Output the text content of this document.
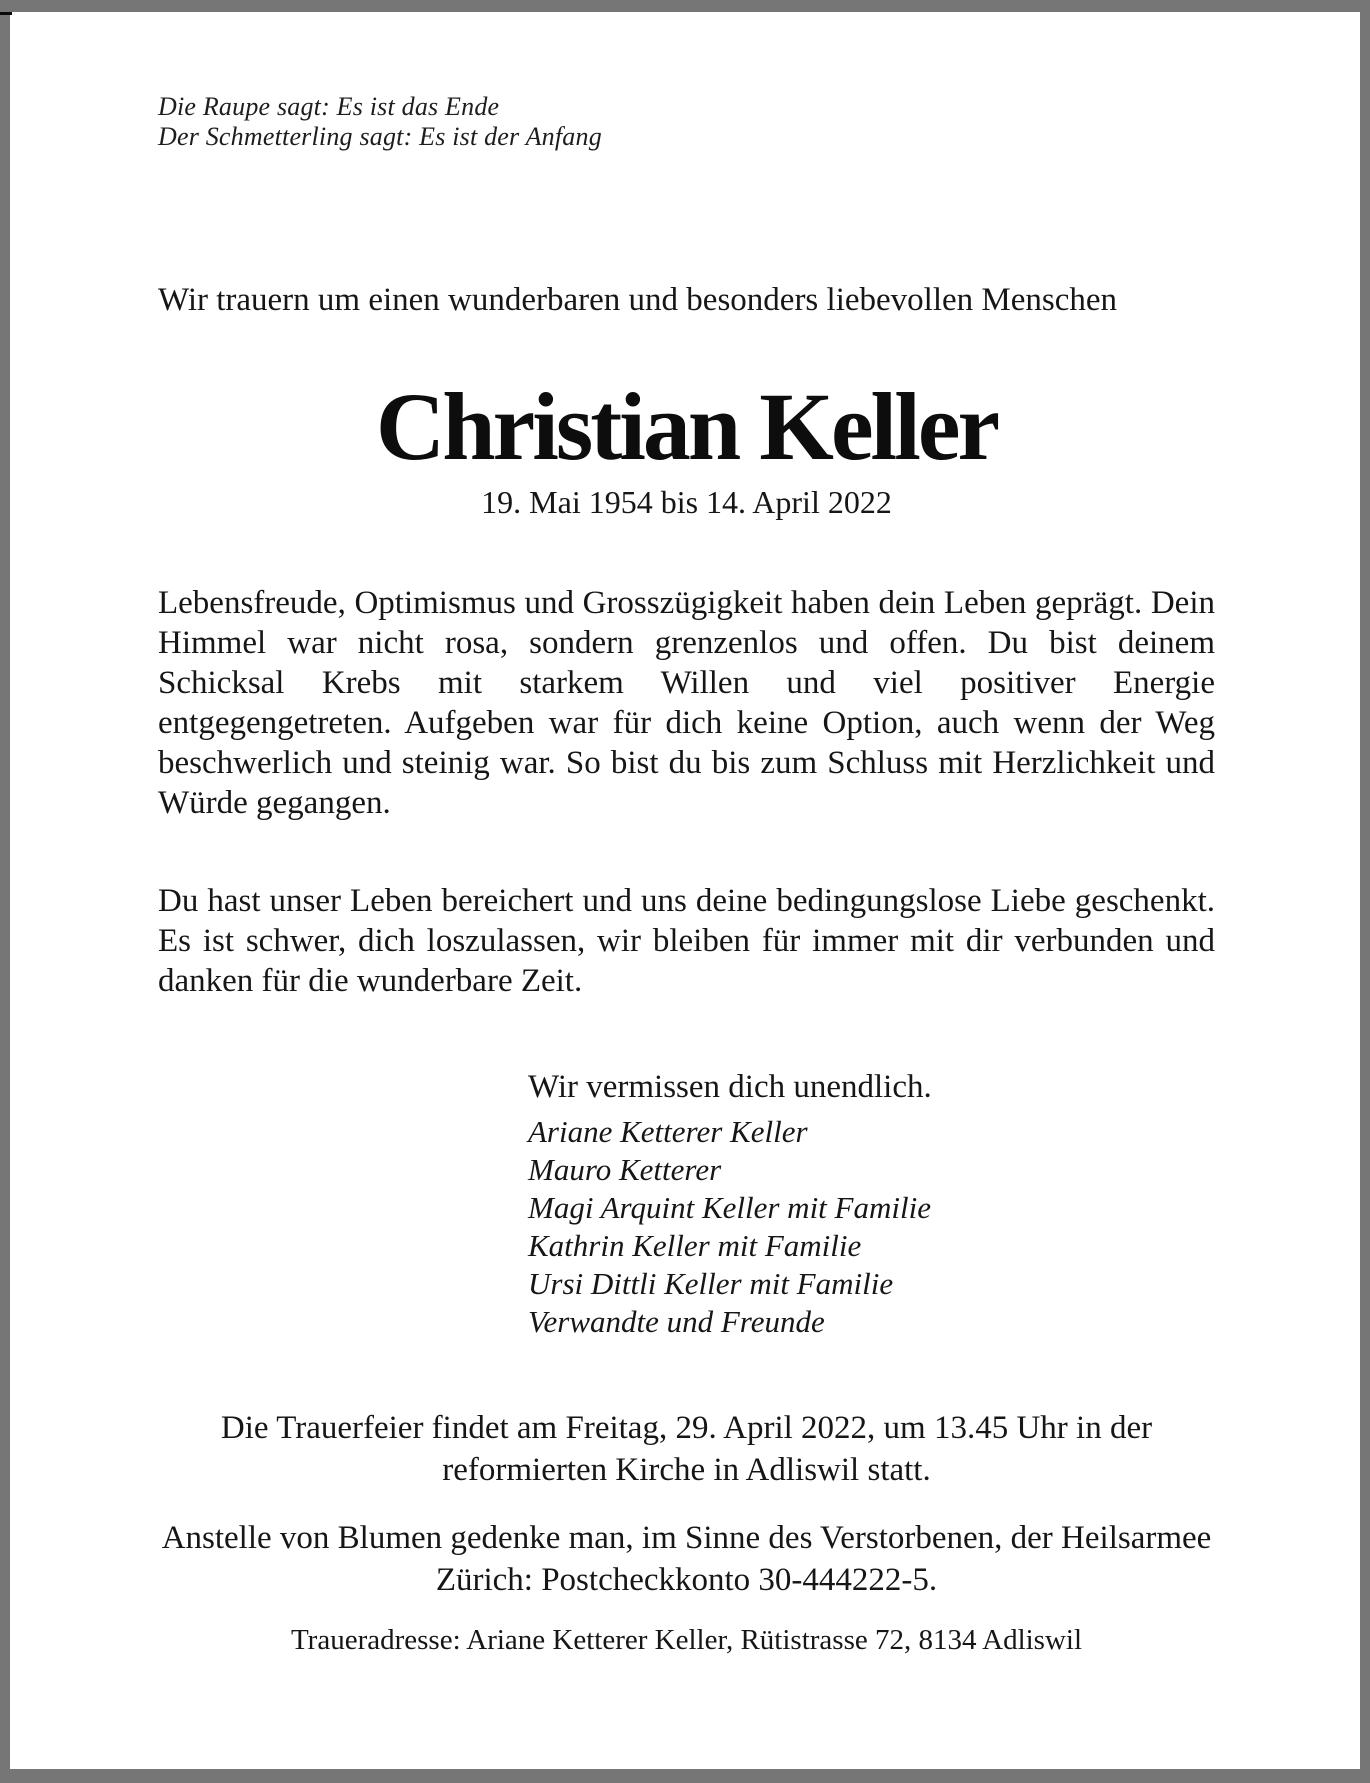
Die Raupe sagt: Es ist das Ende
Der Schmetterling sagt: Es ist der Anfang
Wir trauern um einen wunderbaren und besonders liebevollen Menschen
Christian Keller
19. Mai 1954 bis 14. April 2022
Lebensfreude, Optimismus und Grosszügigkeit haben dein Leben geprägt. Dein Himmel war nicht rosa, sondern grenzenlos und offen. Du bist deinem Schicksal Krebs mit starkem Willen und viel positiver Energie entgegengetreten. Aufgeben war für dich keine Option, auch wenn der Weg beschwerlich und steinig war. So bist du bis zum Schluss mit Herzlichkeit und Würde gegangen.
Du hast unser Leben bereichert und uns deine bedingungslose Liebe geschenkt. Es ist schwer, dich loszulassen, wir bleiben für immer mit dir verbunden und danken für die wunderbare Zeit.
Wir vermissen dich unendlich.
Ariane Ketterer Keller
Mauro Ketterer
Magi Arquint Keller mit Familie
Kathrin Keller mit Familie
Ursi Dittli Keller mit Familie
Verwandte und Freunde
Die Trauerfeier findet am Freitag, 29. April 2022, um 13.45 Uhr in der reformierten Kirche in Adliswil statt.
Anstelle von Blumen gedenke man, im Sinne des Verstorbenen, der Heilsarmee Zürich: Postcheckkonto 30-444222-5.
Traueradresse: Ariane Ketterer Keller, Rütistrasse 72, 8134 Adliswil
